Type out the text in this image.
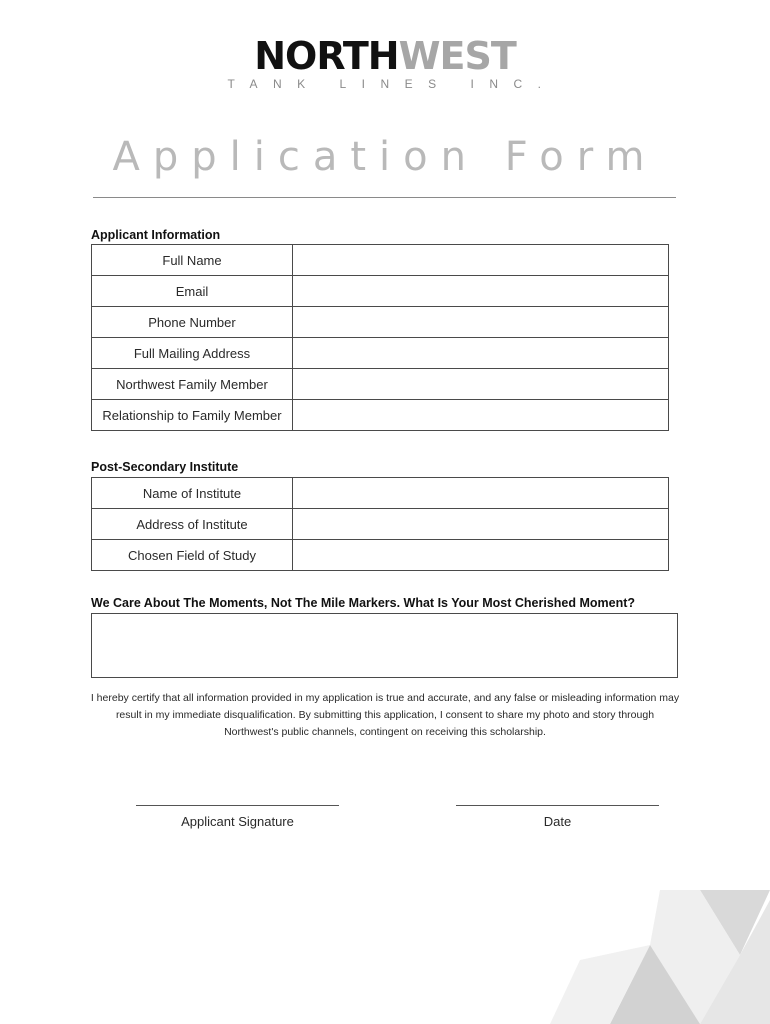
NORTHWEST
TANK LINES INC.
Application Form
Applicant Information
Full Name	
Email	
Phone Number	
Full Mailing Address	
Northwest Family Member	
Relationship to Family Member	
Post-Secondary Institute
Name of Institute	
Address of Institute	
Chosen Field of Study	
We Care About The Moments, Not The Mile Markers. What Is Your Most Cherished Moment?
I hereby certify that all information provided in my application is true and accurate, and any false or misleading information may result in my immediate disqualification. By submitting this application, I consent to share my photo and story through Northwest's public channels, contingent on receiving this scholarship.
Applicant Signature	Date
